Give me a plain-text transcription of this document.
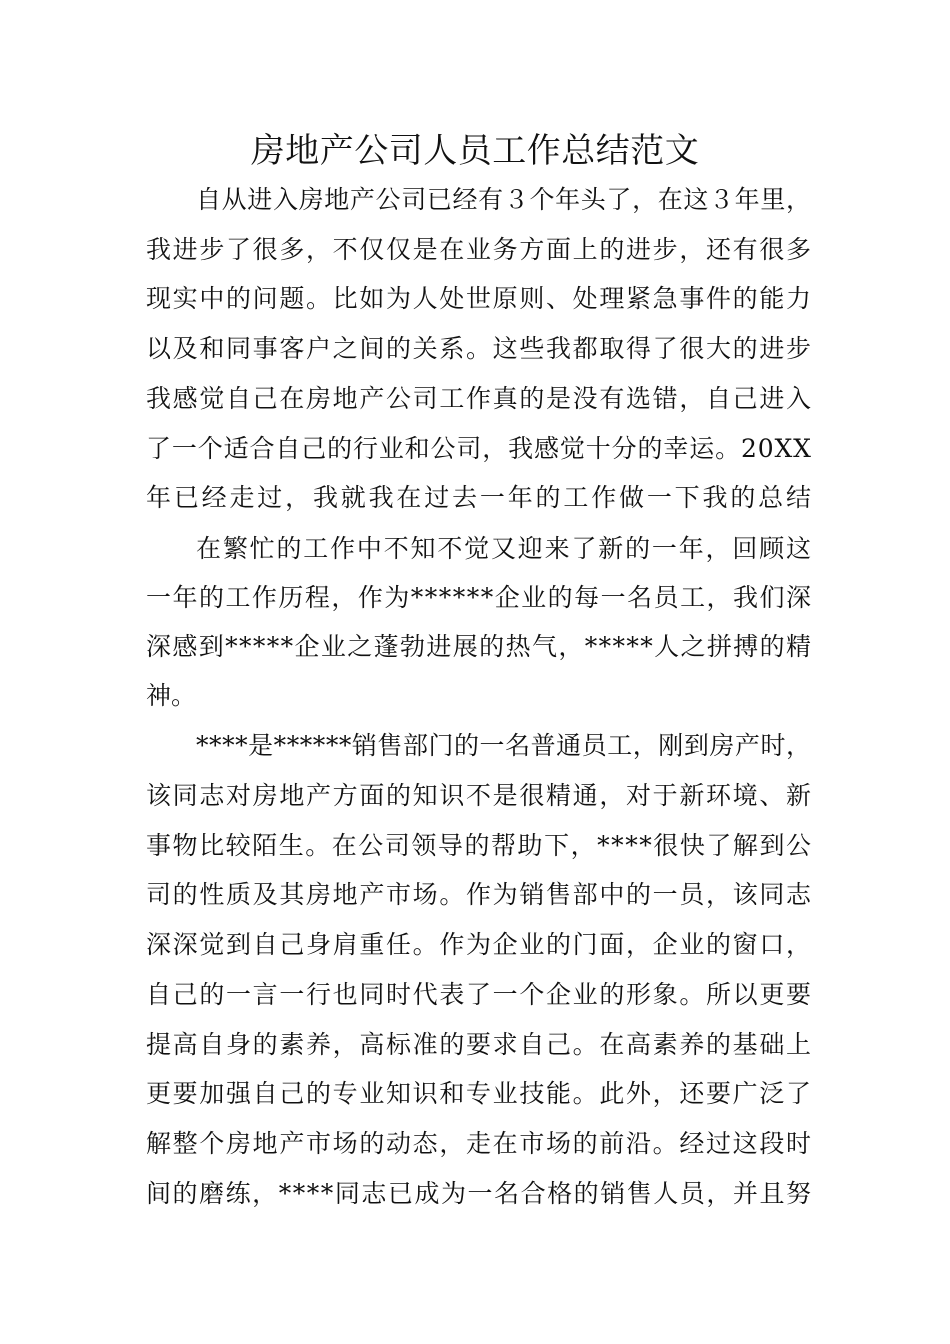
房地产公司人员工作总结范文
自从进入房地产公司已经有３个年头了，在这３年里，
我进步了很多，不仅仅是在业务方面上的进步，还有很多
现实中的问题。比如为人处世原则、处理紧急事件的能力
以及和同事客户之间的关系。这些我都取得了很大的进步
我感觉自己在房地产公司工作真的是没有选错，自己进入
了一个适合自己的行业和公司，我感觉十分的幸运。20XX
年已经走过，我就我在过去一年的工作做一下我的总结
在繁忙的工作中不知不觉又迎来了新的一年，回顾这
一年的工作历程，作为******企业的每一名员工，我们深
深感到*****企业之蓬勃进展的热气，*****人之拼搏的精
神。
****是******销售部门的一名普通员工，刚到房产时，
该同志对房地产方面的知识不是很精通，对于新环境、新
事物比较陌生。在公司领导的帮助下，****很快了解到公
司的性质及其房地产市场。作为销售部中的一员，该同志
深深觉到自己身肩重任。作为企业的门面，企业的窗口，
自己的一言一行也同时代表了一个企业的形象。所以更要
提高自身的素养，高标准的要求自己。在高素养的基础上
更要加强自己的专业知识和专业技能。此外，还要广泛了
解整个房地产市场的动态，走在市场的前沿。经过这段时
间的磨练，****同志已成为一名合格的销售人员，并且努
